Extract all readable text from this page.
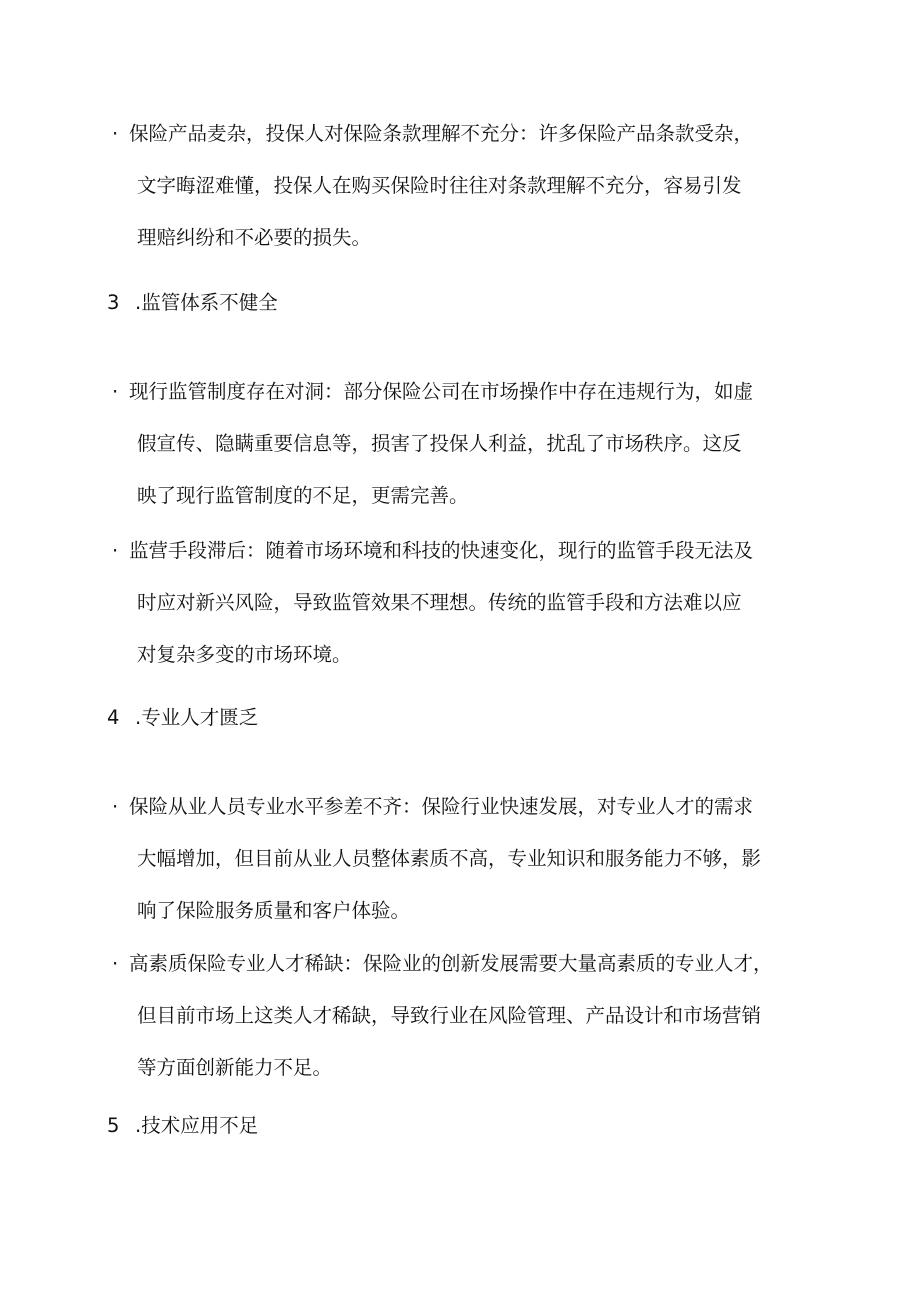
· 保险产品麦杂，投保人对保险条款理解不充分：许多保险产品条款受杂，
文字晦涩难懂，投保人在购买保险时往往对条款理解不充分，容易引发
理赔纠纷和不必要的损失。
3 .监管体系不健全
· 现行监管制度存在对洞：部分保险公司在市场操作中存在违规行为，如虚
假宣传、隐瞒重要信息等，损害了投保人利益，扰乱了市场秩序。这反
映了现行监管制度的不足，更需完善。
· 监营手段滞后：随着市场环境和科技的快速变化，现行的监管手段无法及
时应对新兴风险，导致监管效果不理想。传统的监管手段和方法难以应
对复杂多变的市场环境。
4 .专业人才匮乏
· 保险从业人员专业水平参差不齐：保险行业快速发展，对专业人才的需求
大幅增加，但目前从业人员整体素质不高，专业知识和服务能力不够，影
响了保险服务质量和客户体验。
· 高素质保险专业人才稀缺：保险业的创新发展需要大量高素质的专业人才，
但目前市场上这类人才稀缺，导致行业在风险管理、产品设计和市场营销
等方面创新能力不足。
5 .技术应用不足
